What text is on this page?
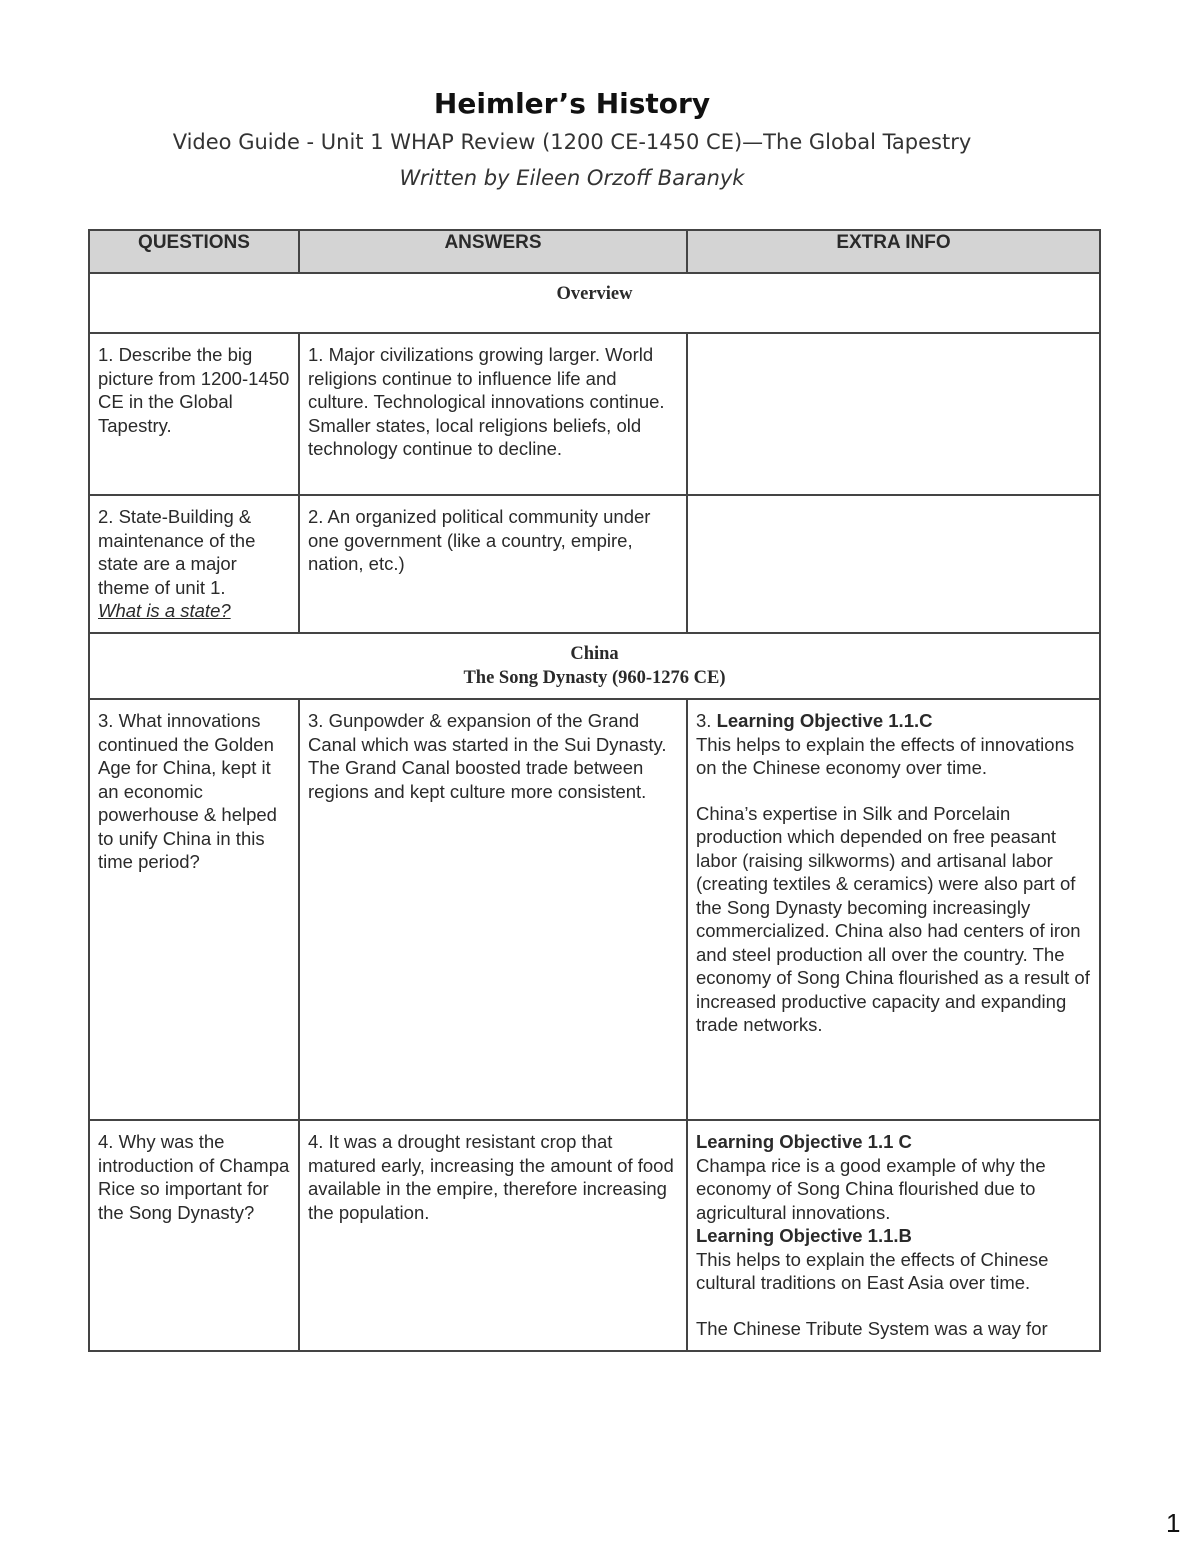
Heimler’s History
Video Guide - Unit 1 WHAP Review (1200 CE-1450 CE)—The Global Tapestry
Written by Eileen Orzoff Baranyk
QUESTIONS	ANSWERS	EXTRA INFO
Overview		
1. Describe the big picture from 1200-1450 CE in the Global Tapestry.	1. Major civilizations growing larger. World religions continue to influence life and culture. Technological innovations continue. Smaller states, local religions beliefs, old technology continue to decline.	

2. State-Building & maintenance of the state are a major theme of unit 1.

What is a state?	2. An organized political community under one government (like a country, empire, nation, etc.)	

China
The Song Dynasty (960-1276 CE)		

3. What innovations continued the Golden Age for China, kept it an economic powerhouse & helped to unify China in this time period?	3. Gunpowder & expansion of the Grand Canal which was started in the Sui Dynasty. The Grand Canal boosted trade between regions and kept culture more consistent.	3. Learning Objective 1.1.C

This helps to explain the effects of innovations on the Chinese economy over time.

China’s expertise in Silk and Porcelain production which depended on free peasant labor (raising silkworms) and artisanal labor (creating textiles & ceramics) were also part of the Song Dynasty becoming increasingly commercialized. China also had centers of iron and steel production all over the country. The economy of Song China flourished as a result of increased productive capacity and expanding trade networks.

4. Why was the introduction of Champa Rice so important for the Song Dynasty?	4. It was a drought resistant crop that matured early, increasing the amount of food available in the empire, therefore increasing the population.	Learning Objective 1.1 C

Champa rice is a good example of why the economy of Song China flourished due to agricultural innovations.

Learning Objective 1.1.B

This helps to explain the effects of Chinese cultural traditions on East Asia over time.

The Chinese Tribute System was a way for

1
